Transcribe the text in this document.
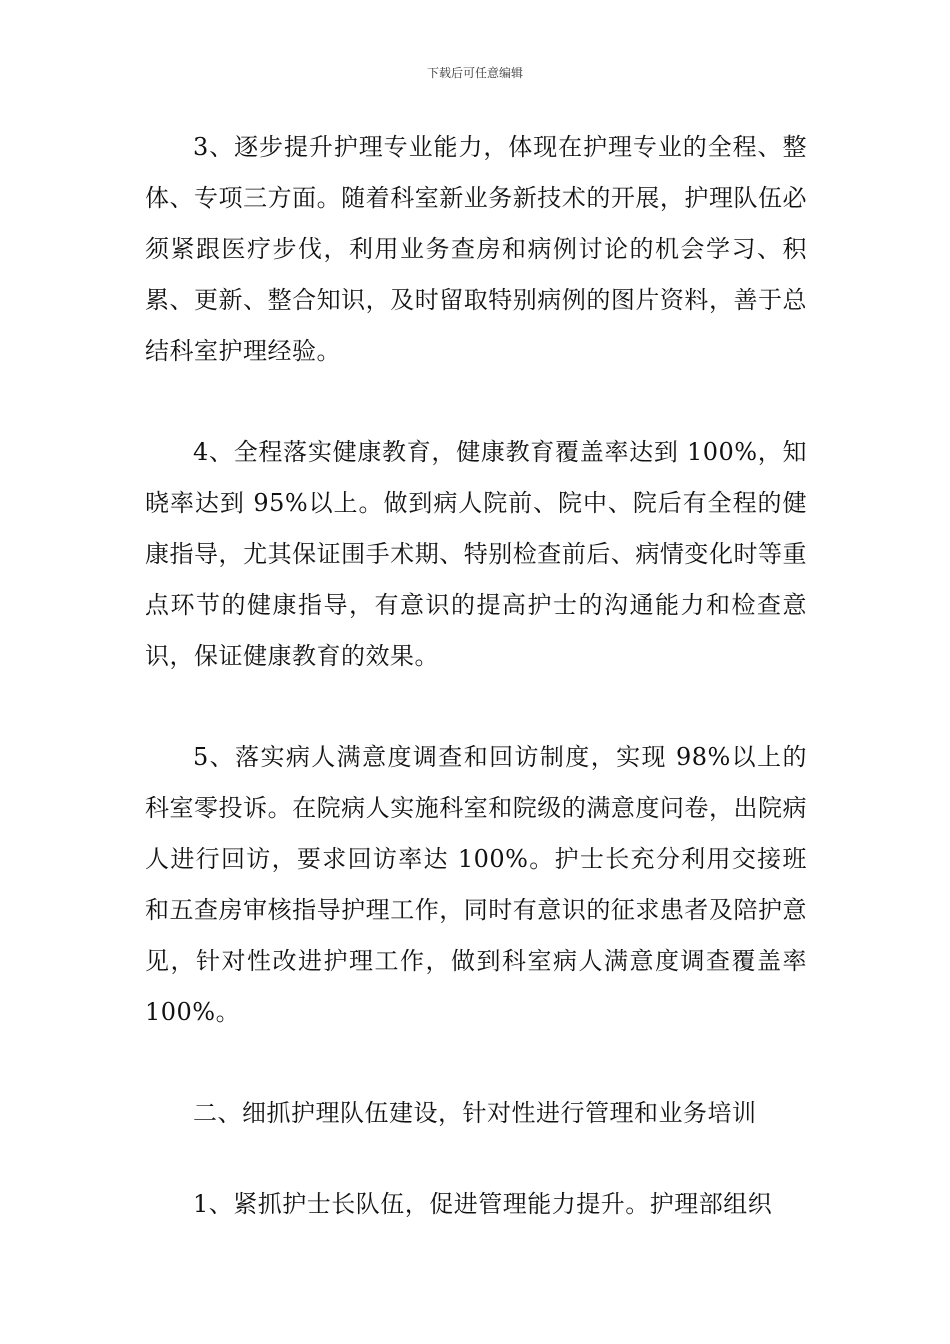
下载后可任意编辑

3、逐步提升护理专业能力，体现在护理专业的全程、整体、专项三方面。随着科室新业务新技术的开展，护理队伍必须紧跟医疗步伐，利用业务查房和病例讨论的机会学习、积累、更新、整合知识，及时留取特别病例的图片资料，善于总结科室护理经验。

4、全程落实健康教育，健康教育覆盖率达到 100%，知晓率达到 95%以上。做到病人院前、院中、院后有全程的健康指导，尤其保证围手术期、特别检查前后、病情变化时等重点环节的健康指导，有意识的提高护士的沟通能力和检查意识，保证健康教育的效果。

5、落实病人满意度调查和回访制度，实现 98%以上的科室零投诉。在院病人实施科室和院级的满意度问卷，出院病人进行回访，要求回访率达 100%。护士长充分利用交接班和五查房审核指导护理工作，同时有意识的征求患者及陪护意见，针对性改进护理工作，做到科室病人满意度调查覆盖率 100%。

二、细抓护理队伍建设，针对性进行管理和业务培训

1、紧抓护士长队伍，促进管理能力提升。护理部组织
